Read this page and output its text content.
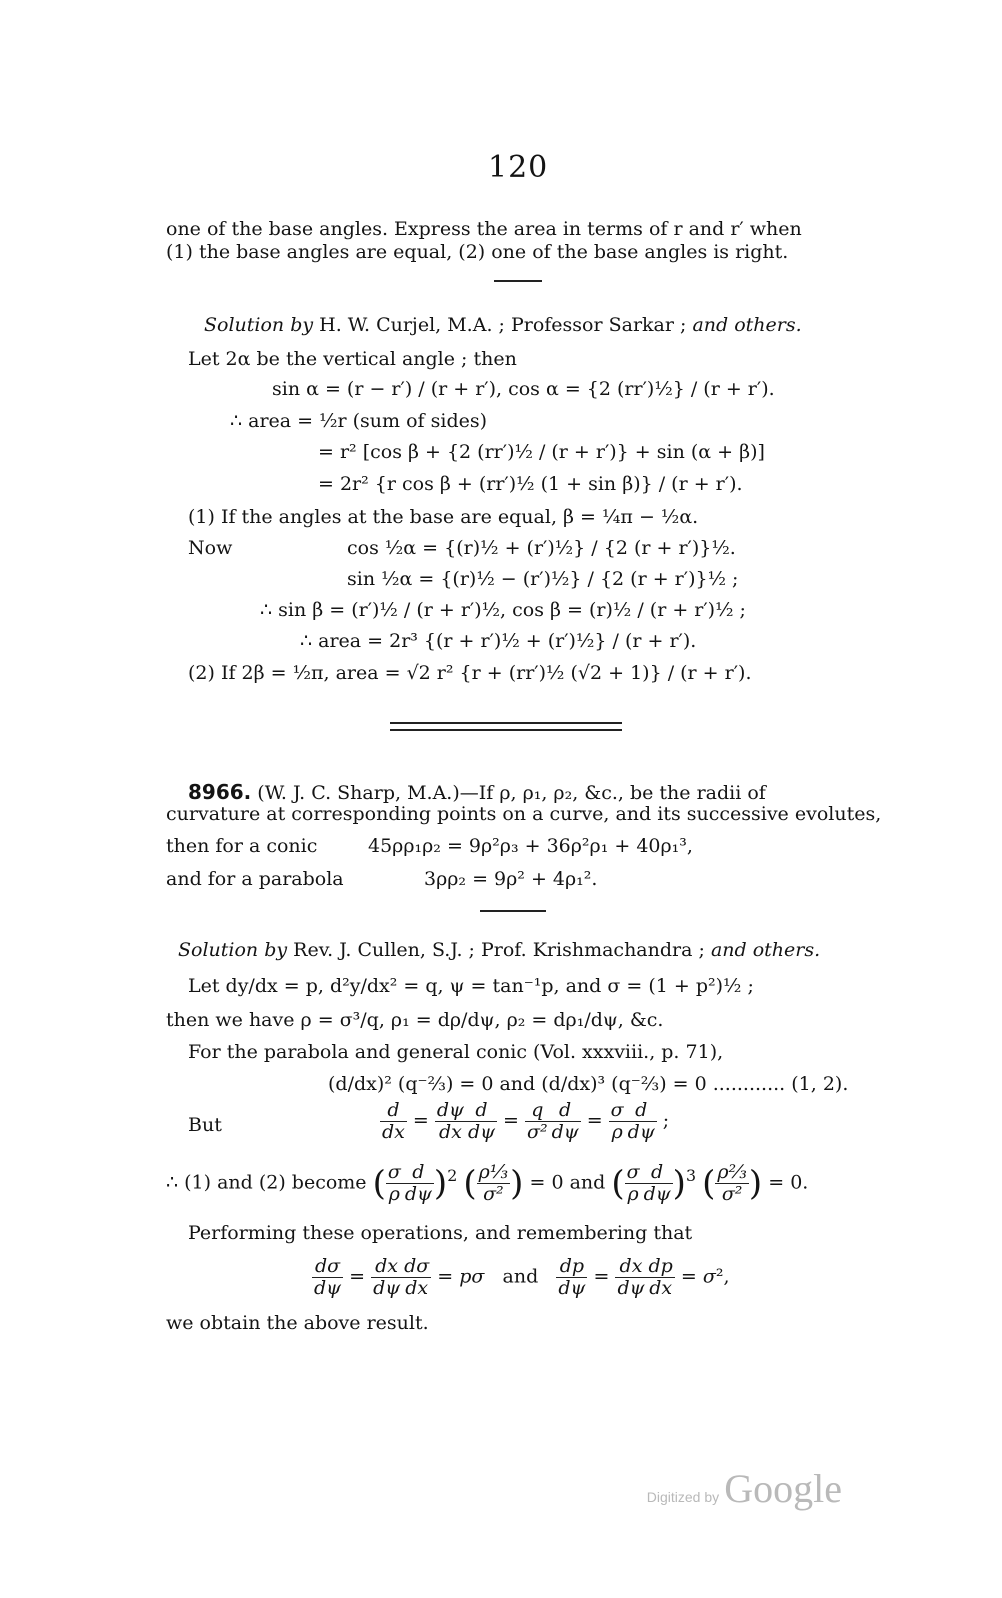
120
one of the base angles. Express the area in terms of r and r′ when
(1) the base angles are equal, (2) one of the base angles is right.
Solution by H. W. Curjel, M.A. ; Professor Sarkar ; and others.
Let 2α be the vertical angle ; then
sin α = (r − r′) / (r + r′), cos α = {2 (rr′)½} / (r + r′).
∴ area = ½r (sum of sides)
= r² [cos β + {2 (rr′)½ / (r + r′)} + sin (α + β)]
= 2r² {r cos β + (rr′)½ (1 + sin β)} / (r + r′).
(1) If the angles at the base are equal, β = ¼π − ½α.
Now	cos ½α = {(r)½ + (r′)½} / {2 (r + r′)}½.
sin ½α = {(r)½ − (r′)½} / {2 (r + r′)}½ ;
∴ sin β = (r′)½ / (r + r′)½, cos β = (r)½ / (r + r′)½ ;
∴ area = 2r³ {(r + r′)½ + (r′)½} / (r + r′).
(2) If 2β = ½π, area = √2 r² {r + (rr′)½ (√2 + 1)} / (r + r′).
8966. (W. J. C. Sharp, M.A.)—If ρ, ρ₁, ρ₂, &c., be the radii of
curvature at corresponding points on a curve, and its successive evolutes,
then for a conic	45ρρ₁ρ₂ = 9ρ²ρ₃ + 36ρ²ρ₁ + 40ρ₁³,
and for a parabola	3ρρ₂ = 9ρ² + 4ρ₁².
Solution by Rev. J. Cullen, S.J. ; Prof. Krishmachandra ; and others.
Let dy/dx = p, d²y/dx² = q, ψ = tan⁻¹p, and σ = (1 + p²)½ ;
then we have ρ = σ³/q, ρ₁ = dρ/dψ, ρ₂ = dρ₁/dψ, &c.
For the parabola and general conic (Vol. xxxviii., p. 71),
(d/dx)² (q⁻⅔) = 0 and (d/dx)³ (q⁻⅔) = 0 ............ (1, 2).
But	$\frac{d}{dx} = \frac{d\psi}{dx} \frac{d}{d\psi} = \frac{q}{\text{σ²}} \frac{d}{d\psi} = \frac{\sigma}{\rho} \frac{d}{d\psi}$ ;
∴ (1) and (2) become ( $\frac{\sigma}{\rho} \frac{d}{d\psi} )^2$ ( $\frac{\text{ρ⅓}}{\text{σ²}}$ ) = 0 and ( $\frac{\sigma}{\rho} \frac{d}{d\psi} )^3$ ( $\frac{\text{ρ⅔}}{\text{σ²}}$ ) = 0.
Performing these operations, and remembering that
$\frac{d\sigma}{d\psi} = \frac{dx}{d\psi} \frac{d\sigma}{dx} = p\sigma$ and $\frac{dp}{d\psi} = \frac{dx}{d\psi} \frac{dp}{dx} = \sigma^2$,
we obtain the above result.
Digitized by Google
